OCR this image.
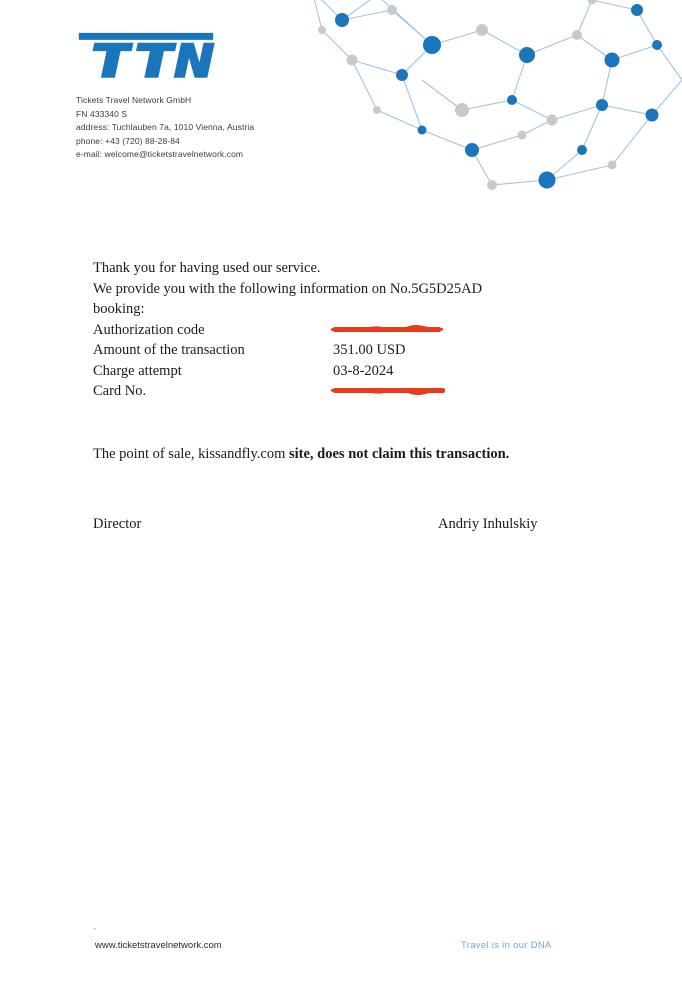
Tickets Travel Network GmbH
FN 433340 S
address: Tuchlauben 7a, 1010 Vienna, Austria
phone: +43 (720) 88-28-84
e-mail: welcome@ticketstravelnetwork.com

Thank you for having used our service.
We provide you with the following information on No.5G5D25AD
booking:

Authorization code	

Amount of the transaction	351.00 USD
Charge attempt	03-8-2024
Card No.	
The point of sale, kissandfly.com site, does not claim this transaction.
Director	Andriy Inhulskiy
www.ticketstravelnetwork.com	Travel is in our DNA
